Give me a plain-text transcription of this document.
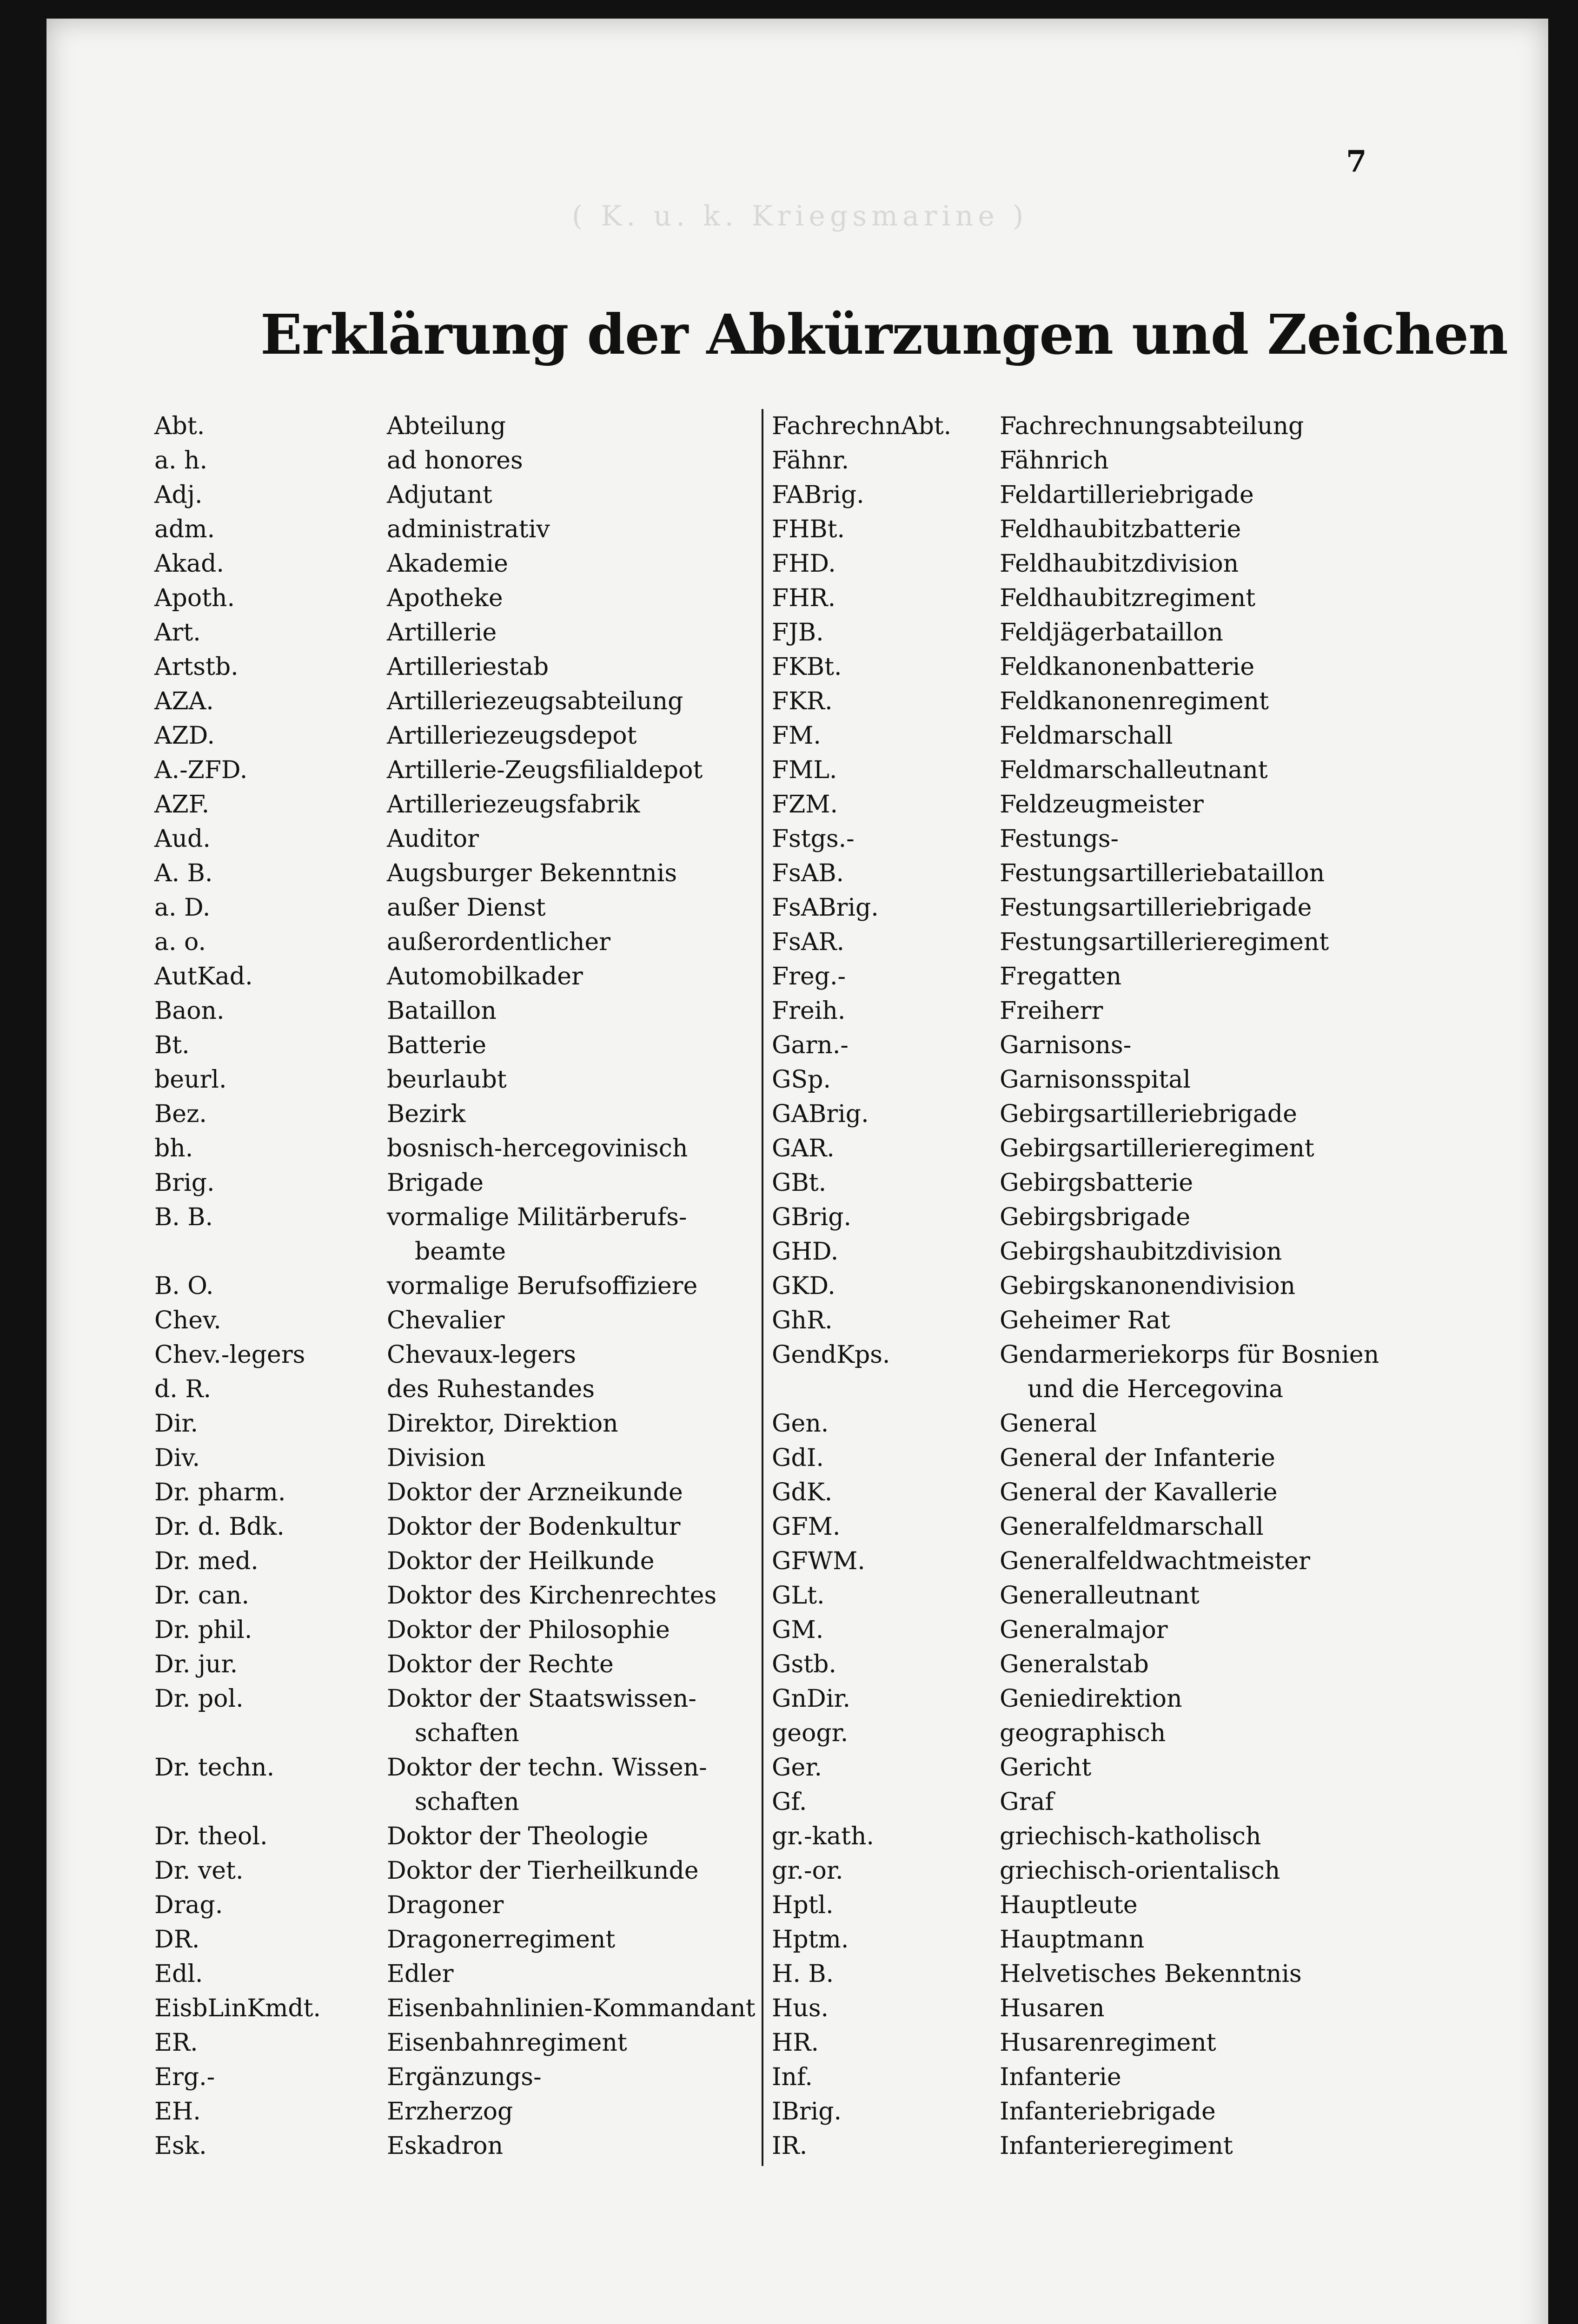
7
( K. u. k. Kriegsmarine )
Erklärung der Abkürzungen und Zeichen
Abt.	Abteilung
a. h.	ad honores
Adj.	Adjutant
adm.	administrativ
Akad.	Akademie
Apoth.	Apotheke
Art.	Artillerie
Artstb.	Artilleriestab
AZA.	Artilleriezeugsabteilung
AZD.	Artilleriezeugsdepot
A.-ZFD.	Artillerie-Zeugsfilialdepot
AZF.	Artilleriezeugsfabrik
Aud.	Auditor
A. B.	Augsburger Bekenntnis
a. D.	außer Dienst
a. o.	außerordentlicher
AutKad.	Automobilkader
Baon.	Bataillon
Bt.	Batterie
beurl.	beurlaubt
Bez.	Bezirk
bh.	bosnisch-hercegovinisch
Brig.	Brigade
B. B.	vormalige Militärberufs-
beamte
B. O.	vormalige Berufsoffiziere
Chev.	Chevalier
Chev.-legers	Chevaux-legers
d. R.	des Ruhestandes
Dir.	Direktor, Direktion
Div.	Division
Dr. pharm.	Doktor der Arzneikunde
Dr. d. Bdk.	Doktor der Bodenkultur
Dr. med.	Doktor der Heilkunde
Dr. can.	Doktor des Kirchenrechtes
Dr. phil.	Doktor der Philosophie
Dr. jur.	Doktor der Rechte
Dr. pol.	Doktor der Staatswissen-
schaften
Dr. techn.	Doktor der techn. Wissen-
schaften
Dr. theol.	Doktor der Theologie
Dr. vet.	Doktor der Tierheilkunde
Drag.	Dragoner
DR.	Dragonerregiment
Edl.	Edler
EisbLinKmdt.	Eisenbahnlinien-Kommandant
ER.	Eisenbahnregiment
Erg.-	Ergänzungs-
EH.	Erzherzog
Esk.	Eskadron
FachrechnAbt. Fachrechnungsabteilung
Fähnr.	Fähnrich
FABrig.	Feldartilleriebrigade
FHBt.	Feldhaubitzbatterie
FHD.	Feldhaubitzdivision
FHR.	Feldhaubitzregiment
FJB.	Feldjägerbataillon
FKBt.	Feldkanonenbatterie
FKR.	Feldkanonenregiment
FM.	Feldmarschall
FML.	Feldmarschalleutnant
FZM.	Feldzeugmeister
Fstgs.-	Festungs-
FsAB.	Festungsartilleriebataillon
FsABrig.	Festungsartilleriebrigade
FsAR.	Festungsartillerieregiment
Freg.-	Fregatten
Freih.	Freiherr
Garn.-	Garnisons-
GSp.	Garnisonsspital
GABrig.	Gebirgsartilleriebrigade
GAR.	Gebirgsartillerieregiment
GBt.	Gebirgsbatterie
GBrig.	Gebirgsbrigade
GHD.	Gebirgshaubitzdivision
GKD.	Gebirgskanonendivision
GhR.	Geheimer Rat
GendKps.	Gendarmeriekorps für Bosnien
und die Hercegovina
Gen.	General
GdI.	General der Infanterie
GdK.	General der Kavallerie
GFM.	Generalfeldmarschall
GFWM.	Generalfeldwachtmeister
GLt.	Generalleutnant
GM.	Generalmajor
Gstb.	Generalstab
GnDir.	Geniedirektion
geogr.	geographisch
Ger.	Gericht
Gf.	Graf
gr.-kath.	griechisch-katholisch
gr.-or.	griechisch-orientalisch
Hptl.	Hauptleute
Hptm.	Hauptmann
H. B.	Helvetisches Bekenntnis
Hus.	Husaren
HR.	Husarenregiment
Inf.	Infanterie
IBrig.	Infanteriebrigade
IR.	Infanterieregiment
